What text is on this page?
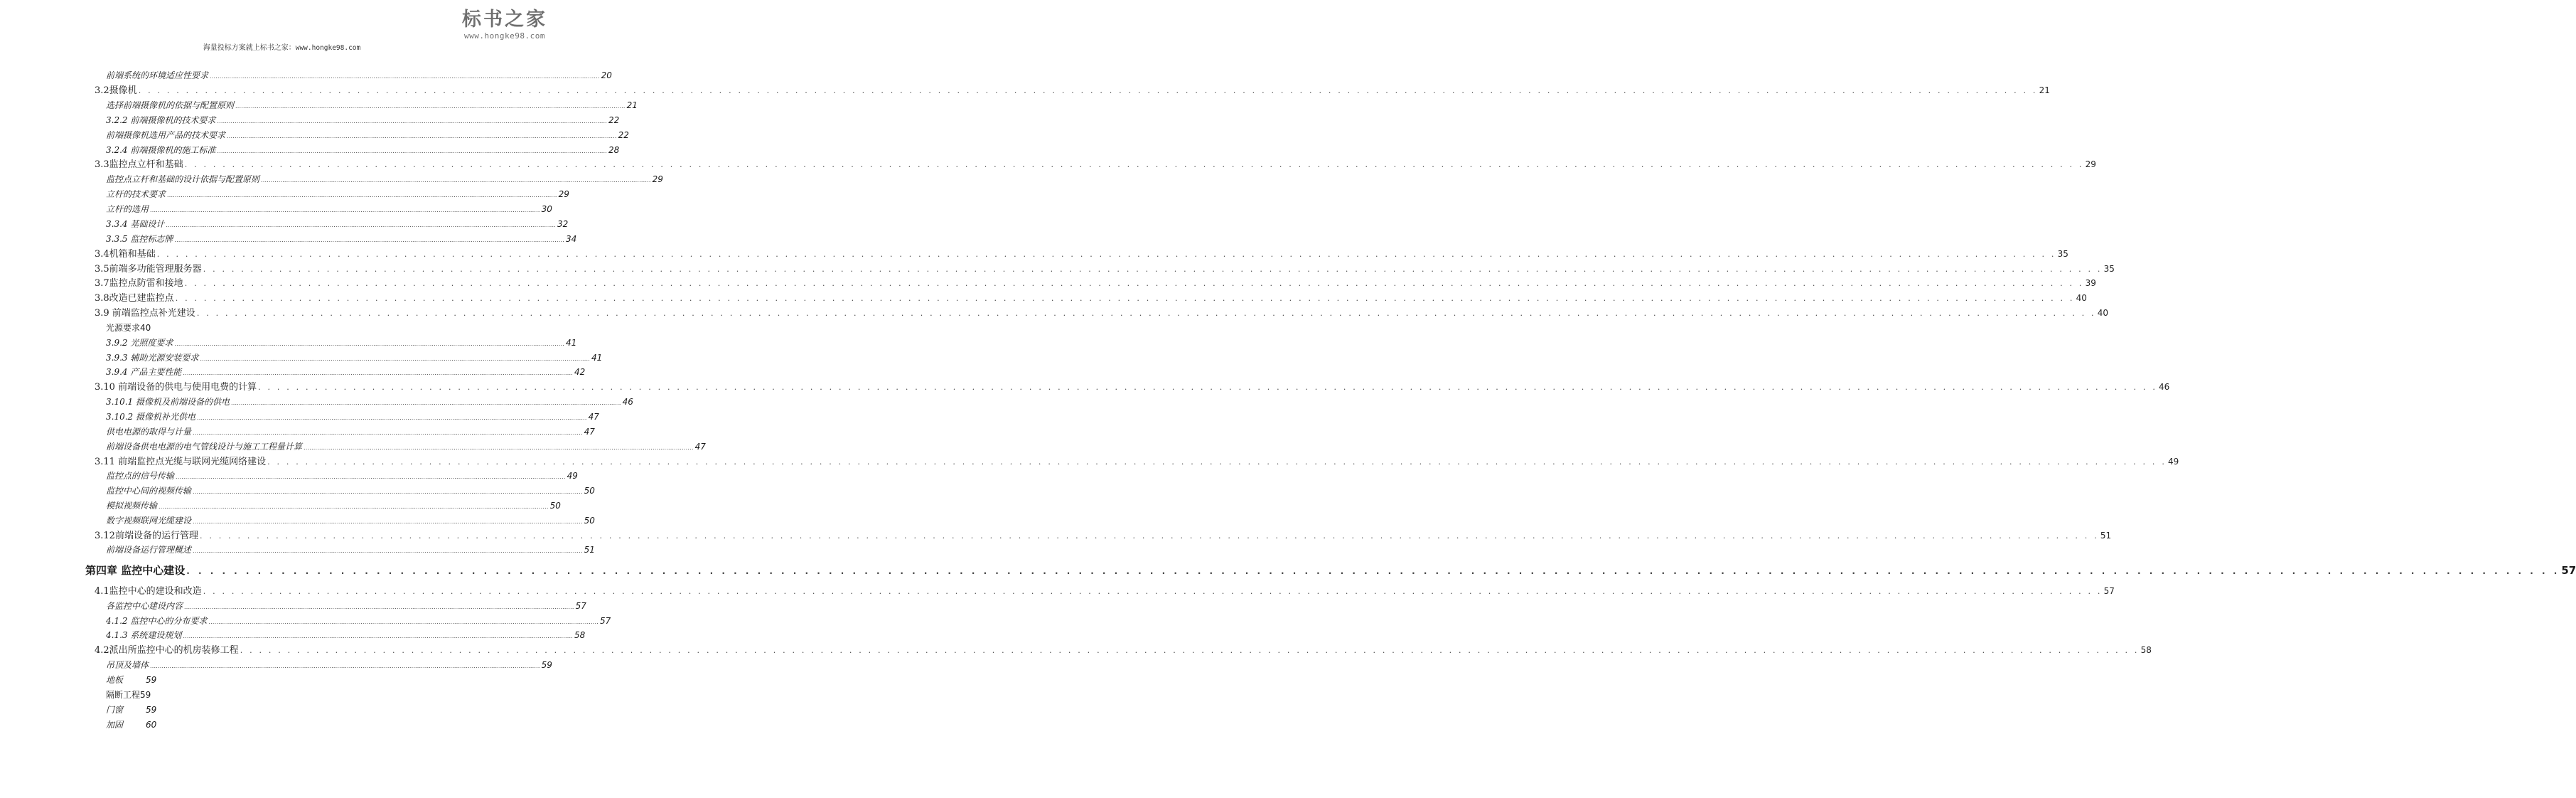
标书之家
www.hongke98.com
海量投标方案就上标书之家：www.hongke98.com
前端系统的环境适应性要求 ........................................................................................................................................................................................................ 20
3.2摄像机 . . . . . . . . . . . . . . . . . . . . . . . . . . . . . . . . . . . . . . . . . . . . . . . . . . . . . . . . . . . . . . . . . . . . . . . . . . . . . . . . . . . . . . . . . . . . . . . . . . . . . . . . . . . . . . . . . . . . . . . . . . . . . . . . . . . . . . . . . . . . . . . . . . . . . . . . . . . . . . . . . . . . . . . . . . . . . . . . . . . . . . . . . . . . . . . . . . . . . . . . 21
选择前端摄像机的依据与配置原则 ........................................................................................................................................................................................................ 21
3.2.2 前端摄像机的技术要求 ........................................................................................................................................................................................................ 22
前端摄像机选用产品的技术要求 ........................................................................................................................................................................................................ 22
3.2.4 前端摄像机的施工标准 ........................................................................................................................................................................................................ 28
3.3监控点立杆和基础 . . . . . . . . . . . . . . . . . . . . . . . . . . . . . . . . . . . . . . . . . . . . . . . . . . . . . . . . . . . . . . . . . . . . . . . . . . . . . . . . . . . . . . . . . . . . . . . . . . . . . . . . . . . . . . . . . . . . . . . . . . . . . . . . . . . . . . . . . . . . . . . . . . . . . . . . . . . . . . . . . . . . . . . . . . . . . . . . . . . . . . . . . . . . . . . . . . . . . . . . 29
监控点立杆和基础的设计依据与配置原则 ........................................................................................................................................................................................................ 29
立杆的技术要求 ........................................................................................................................................................................................................ 29
立杆的选用 ........................................................................................................................................................................................................ 30
3.3.4 基础设计 ........................................................................................................................................................................................................ 32
3.3.5 监控标志牌 ........................................................................................................................................................................................................ 34
3.4机箱和基础 . . . . . . . . . . . . . . . . . . . . . . . . . . . . . . . . . . . . . . . . . . . . . . . . . . . . . . . . . . . . . . . . . . . . . . . . . . . . . . . . . . . . . . . . . . . . . . . . . . . . . . . . . . . . . . . . . . . . . . . . . . . . . . . . . . . . . . . . . . . . . . . . . . . . . . . . . . . . . . . . . . . . . . . . . . . . . . . . . . . . . . . . . . . . . . . . . . . . . . . . 35
3.5前端多功能管理服务器 . . . . . . . . . . . . . . . . . . . . . . . . . . . . . . . . . . . . . . . . . . . . . . . . . . . . . . . . . . . . . . . . . . . . . . . . . . . . . . . . . . . . . . . . . . . . . . . . . . . . . . . . . . . . . . . . . . . . . . . . . . . . . . . . . . . . . . . . . . . . . . . . . . . . . . . . . . . . . . . . . . . . . . . . . . . . . . . . . . . . . . . . . . . . . . . . . . . . . . . . 35
3.7监控点防雷和接地 . . . . . . . . . . . . . . . . . . . . . . . . . . . . . . . . . . . . . . . . . . . . . . . . . . . . . . . . . . . . . . . . . . . . . . . . . . . . . . . . . . . . . . . . . . . . . . . . . . . . . . . . . . . . . . . . . . . . . . . . . . . . . . . . . . . . . . . . . . . . . . . . . . . . . . . . . . . . . . . . . . . . . . . . . . . . . . . . . . . . . . . . . . . . . . . . . . . . . . . . 39
3.8改造已建监控点 . . . . . . . . . . . . . . . . . . . . . . . . . . . . . . . . . . . . . . . . . . . . . . . . . . . . . . . . . . . . . . . . . . . . . . . . . . . . . . . . . . . . . . . . . . . . . . . . . . . . . . . . . . . . . . . . . . . . . . . . . . . . . . . . . . . . . . . . . . . . . . . . . . . . . . . . . . . . . . . . . . . . . . . . . . . . . . . . . . . . . . . . . . . . . . . . . . . . . . . . 40
3.9 前端监控点补光建设 . . . . . . . . . . . . . . . . . . . . . . . . . . . . . . . . . . . . . . . . . . . . . . . . . . . . . . . . . . . . . . . . . . . . . . . . . . . . . . . . . . . . . . . . . . . . . . . . . . . . . . . . . . . . . . . . . . . . . . . . . . . . . . . . . . . . . . . . . . . . . . . . . . . . . . . . . . . . . . . . . . . . . . . . . . . . . . . . . . . . . . . . . . . . . . . . . . . . . . . . 40
光源要求 40
3.9.2 光照度要求 ........................................................................................................................................................................................................ 41
3.9.3 辅助光源安装要求 ........................................................................................................................................................................................................ 41
3.9.4 产品主要性能 ........................................................................................................................................................................................................ 42
3.10 前端设备的供电与使用电费的计算 . . . . . . . . . . . . . . . . . . . . . . . . . . . . . . . . . . . . . . . . . . . . . . . . . . . . . . . . . . . . . . . . . . . . . . . . . . . . . . . . . . . . . . . . . . . . . . . . . . . . . . . . . . . . . . . . . . . . . . . . . . . . . . . . . . . . . . . . . . . . . . . . . . . . . . . . . . . . . . . . . . . . . . . . . . . . . . . . . . . . . . . . . . . . . . . . . . . . . . . . 46
3.10.1 摄像机及前端设备的供电 ........................................................................................................................................................................................................ 46
3.10.2 摄像机补光供电 ........................................................................................................................................................................................................ 47
供电电源的取得与计量 ........................................................................................................................................................................................................ 47
前端设备供电电源的电气管线设计与施工工程量计算 ........................................................................................................................................................................................................ 47
3.11 前端监控点光缆与联网光缆网络建设 . . . . . . . . . . . . . . . . . . . . . . . . . . . . . . . . . . . . . . . . . . . . . . . . . . . . . . . . . . . . . . . . . . . . . . . . . . . . . . . . . . . . . . . . . . . . . . . . . . . . . . . . . . . . . . . . . . . . . . . . . . . . . . . . . . . . . . . . . . . . . . . . . . . . . . . . . . . . . . . . . . . . . . . . . . . . . . . . . . . . . . . . . . . . . . . . . . . . . . . . 49
监控点的信号传输 ........................................................................................................................................................................................................ 49
监控中心间的视频传输 ........................................................................................................................................................................................................ 50
模拟视频传输 ........................................................................................................................................................................................................ 50
数字视频联网光缆建设 ........................................................................................................................................................................................................ 50
3.12前端设备的运行管理 . . . . . . . . . . . . . . . . . . . . . . . . . . . . . . . . . . . . . . . . . . . . . . . . . . . . . . . . . . . . . . . . . . . . . . . . . . . . . . . . . . . . . . . . . . . . . . . . . . . . . . . . . . . . . . . . . . . . . . . . . . . . . . . . . . . . . . . . . . . . . . . . . . . . . . . . . . . . . . . . . . . . . . . . . . . . . . . . . . . . . . . . . . . . . . . . . . . . . . . . 51
前端设备运行管理概述 ........................................................................................................................................................................................................ 51
第四章 监控中心建设 . . . . . . . . . . . . . . . . . . . . . . . . . . . . . . . . . . . . . . . . . . . . . . . . . . . . . . . . . . . . . . . . . . . . . . . . . . . . . . . . . . . . . . . . . . . . . . . . . . . . . . . . . . . . . . . . . . . . . . . . . . . . . . . . . . . . . . . . . . . . . . . . . . . . . . . . . . . . . . . . . . . . . . . . . . . . . . . . . . . . . . . . . . . . . . . . . . . . . . . . 57
4.1监控中心的建设和改造 . . . . . . . . . . . . . . . . . . . . . . . . . . . . . . . . . . . . . . . . . . . . . . . . . . . . . . . . . . . . . . . . . . . . . . . . . . . . . . . . . . . . . . . . . . . . . . . . . . . . . . . . . . . . . . . . . . . . . . . . . . . . . . . . . . . . . . . . . . . . . . . . . . . . . . . . . . . . . . . . . . . . . . . . . . . . . . . . . . . . . . . . . . . . . . . . . . . . . . . . 57
各监控中心建设内容 ........................................................................................................................................................................................................ 57
4.1.2 监控中心的分布要求 ........................................................................................................................................................................................................ 57
4.1.3 系统建设规划 ........................................................................................................................................................................................................ 58
4.2派出所监控中心的机房装修工程 . . . . . . . . . . . . . . . . . . . . . . . . . . . . . . . . . . . . . . . . . . . . . . . . . . . . . . . . . . . . . . . . . . . . . . . . . . . . . . . . . . . . . . . . . . . . . . . . . . . . . . . . . . . . . . . . . . . . . . . . . . . . . . . . . . . . . . . . . . . . . . . . . . . . . . . . . . . . . . . . . . . . . . . . . . . . . . . . . . . . . . . . . . . . . . . . . . . . . . . . 58
吊顶及墙体 ........................................................................................................................................................................................................ 59
地板	59
隔断工程 59
门窗	59
加固	60
